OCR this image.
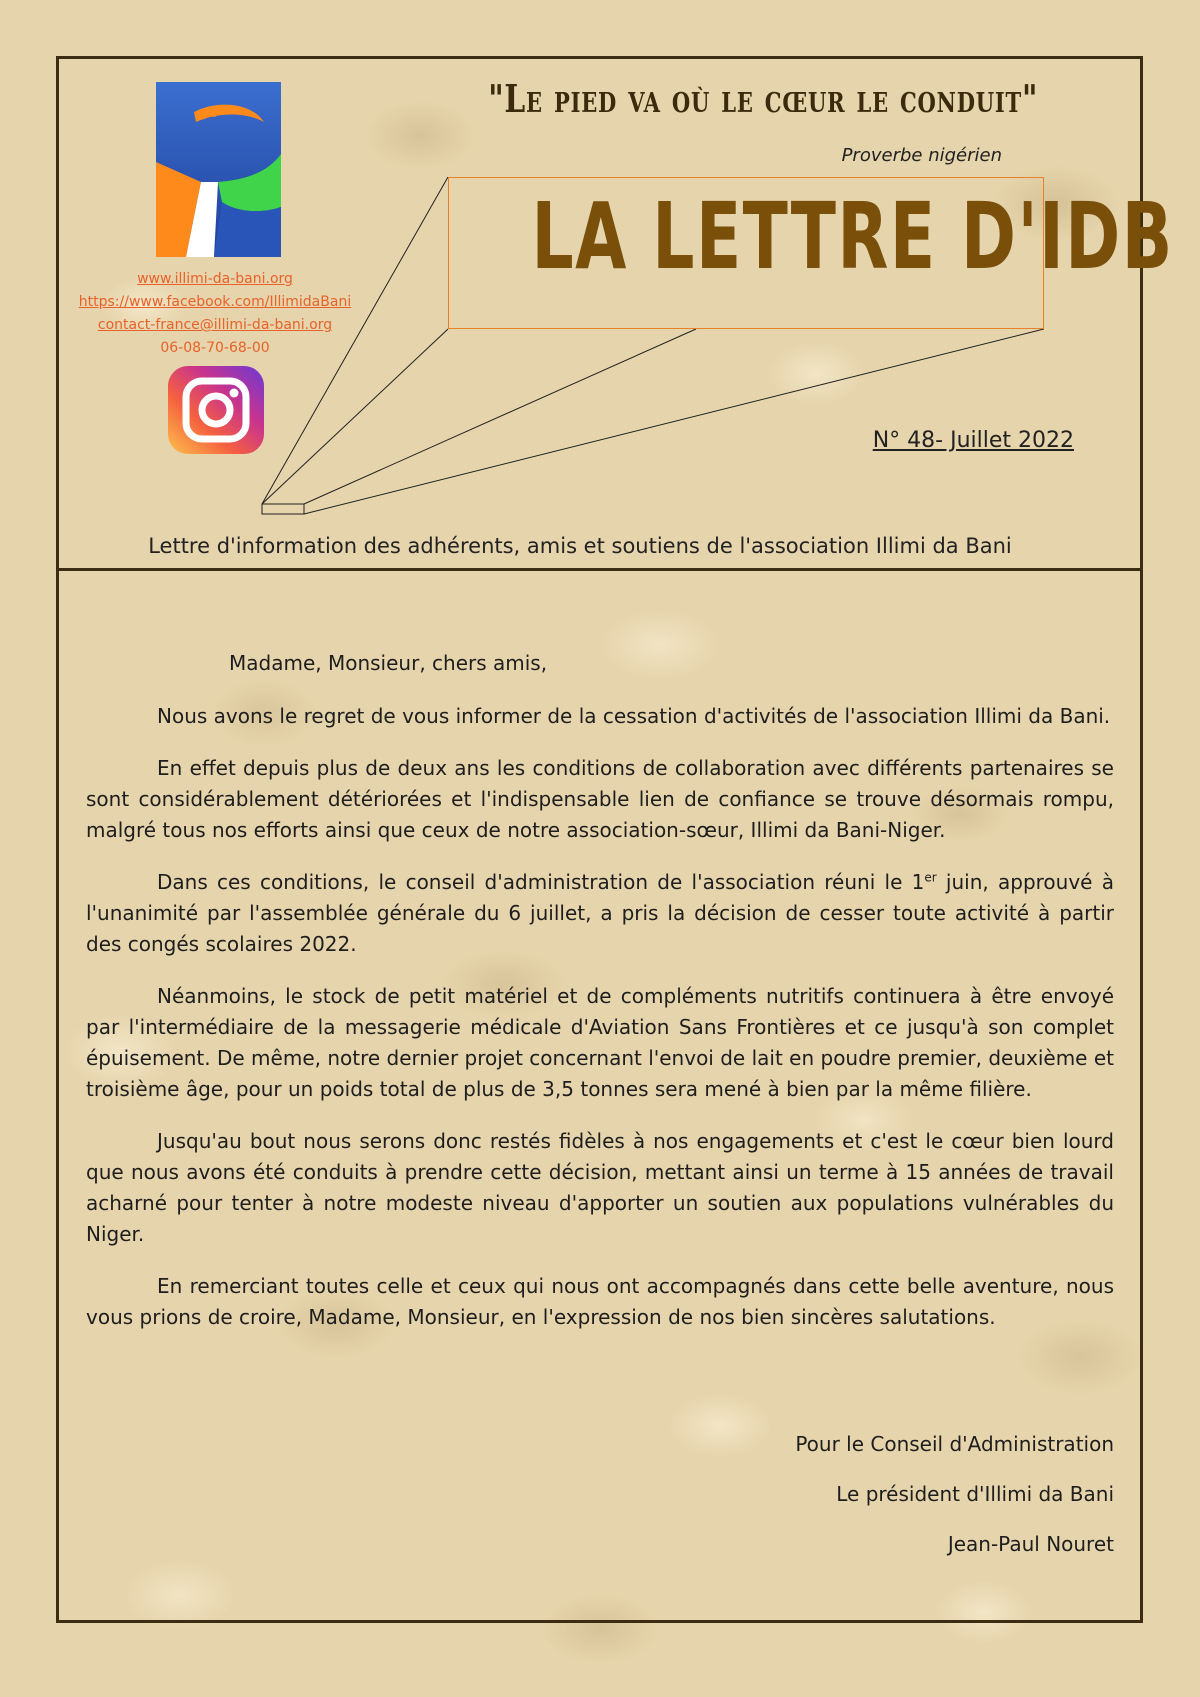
www.illimi-da-bani.org
https://www.facebook.com/IllimidaBani
contact-france@illimi-da-bani.org
06-08-70-68-00
"Le pied va où le cœur le conduit"
Proverbe nigérien
LA LETTRE D'IDB
N° 48- Juillet 2022
Lettre d'information des adhérents, amis et soutiens de l'association Illimi da Bani

Madame, Monsieur, chers amis,

Nous avons le regret de vous informer de la cessation d'activités de l'association Illimi da Bani.

En effet depuis plus de deux ans les conditions de collaboration avec différents partenaires se sont considérablement détériorées et l'indispensable lien de confiance se trouve désormais rompu, malgré tous nos efforts ainsi que ceux de notre association-sœur, Illimi da Bani-Niger.

Dans ces conditions, le conseil d'administration de l'association réuni le 1er juin, approuvé à l'unanimité par l'assemblée générale du 6 juillet, a pris la décision de cesser toute activité à partir des congés scolaires 2022.

Néanmoins, le stock de petit matériel et de compléments nutritifs continuera à être envoyé par l'intermédiaire de la messagerie médicale d'Aviation Sans Frontières et ce jusqu'à son complet épuisement. De même, notre dernier projet concernant l'envoi de lait en poudre premier, deuxième et troisième âge, pour un poids total de plus de 3,5 tonnes sera mené à bien par la même filière.

Jusqu'au bout nous serons donc restés fidèles à nos engagements et c'est le cœur bien lourd que nous avons été conduits à prendre cette décision, mettant ainsi un terme à 15 années de travail acharné pour tenter à notre modeste niveau d'apporter un soutien aux populations vulnérables du Niger.

En remerciant toutes celle et ceux qui nous ont accompagnés dans cette belle aventure, nous vous prions de croire, Madame, Monsieur, en l'expression de nos bien sincères salutations.

Pour le Conseil d'Administration
Le président d'Illimi da Bani
Jean-Paul Nouret
